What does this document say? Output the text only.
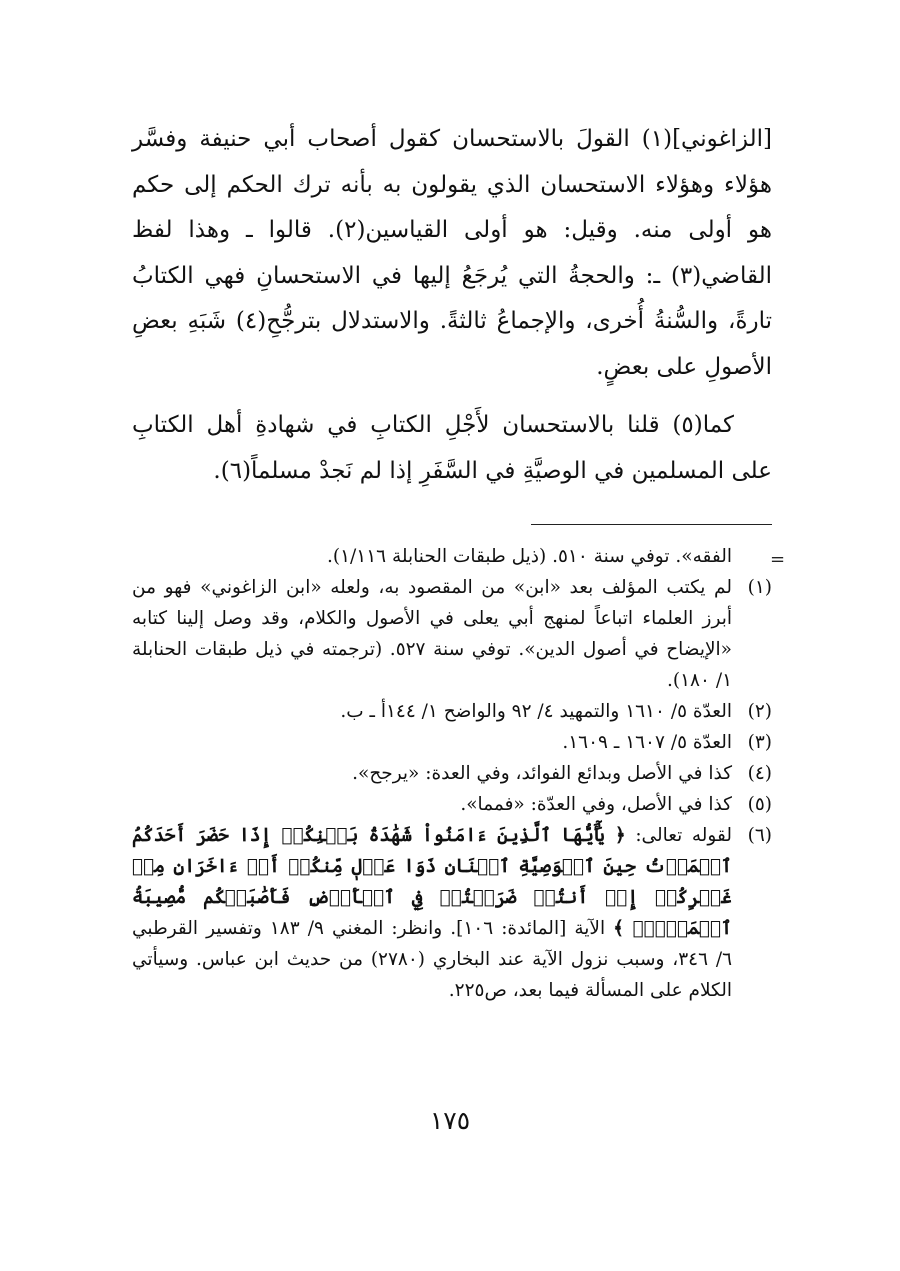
[الزاغوني](١) القولَ بالاستحسان كقول أصحاب أبي حنيفة وفسَّر هؤلاء وهؤلاء الاستحسان الذي يقولون به بأنه ترك الحكم إلى حكم هو أولى منه. وقيل: هو أولى القياسين(٢). قالوا ـ وهذا لفظ القاضي(٣) ـ: والحجةُ التي يُرجَعُ إليها في الاستحسانِ فهي الكتابُ تارةً، والسُّنةُ أُخرى، والإجماعُ ثالثةً. والاستدلال بترجُّحِ(٤) شَبَهِ بعضِ الأصولِ على بعضٍ.

كما(٥) قلنا بالاستحسان لأَجْلِ الكتابِ في شهادةِ أهل الكتابِ على المسلمين في الوصيَّةِ في السَّفَرِ إذا لم نَجدْ مسلماً(٦).

=
الفقه». توفي سنة ٥١٠. (ذيل طبقات الحنابلة ١/١١٦).
(١)
لم يكتب المؤلف بعد «ابن» من المقصود به، ولعله «ابن الزاغوني» فهو من أبرز العلماء اتباعاً لمنهج أبي يعلى في الأصول والكلام، وقد وصل إلينا كتابه «الإيضاح في أصول الدين». توفي سنة ٥٢٧. (ترجمته في ذيل طبقات الحنابلة ١/ ١٨٠).
(٢)
العدّة ٥/ ١٦١٠ والتمهيد ٤/ ٩٢ والواضح ١/ ١٤٤أ ـ ب.
(٣)
العدّة ٥/ ١٦٠٧ ـ ١٦٠٩.
(٤)
كذا في الأصل وبدائع الفوائد، وفي العدة: «يرجح».
(٥)
كذا في الأصل، وفي العدّة: «فمما».
(٦)
لقوله تعالى: ﴿ يَٰٓأَيُّهَا ٱلَّذِينَ ءَامَنُواْ شَهَٰدَةُ بَيۡنِكُمۡ إِذَا حَضَرَ أَحَدَكُمُ ٱلۡمَوۡتُ حِينَ ٱلۡوَصِيَّةِ ٱثۡنَانِ ذَوَا عَدۡلٖ مِّنكُمۡ أَوۡ ءَاخَرَانِ مِنۡ غَيۡرِكُمۡ إِنۡ أَنتُمۡ ضَرَبۡتُمۡ فِي ٱلۡأَرۡضِ فَأَصَٰبَتۡكُم مُّصِيبَةُ ٱلۡمَوۡتِۚ ﴾ الآية [المائدة: ١٠٦]. وانظر: المغني ٩/ ١٨٣ وتفسير القرطبي ٦/ ٣٤٦، وسبب نزول الآية عند البخاري (٢٧٨٠) من حديث ابن عباس. وسيأتي الكلام على المسألة فيما بعد، ص٢٢٥.
١٧٥
